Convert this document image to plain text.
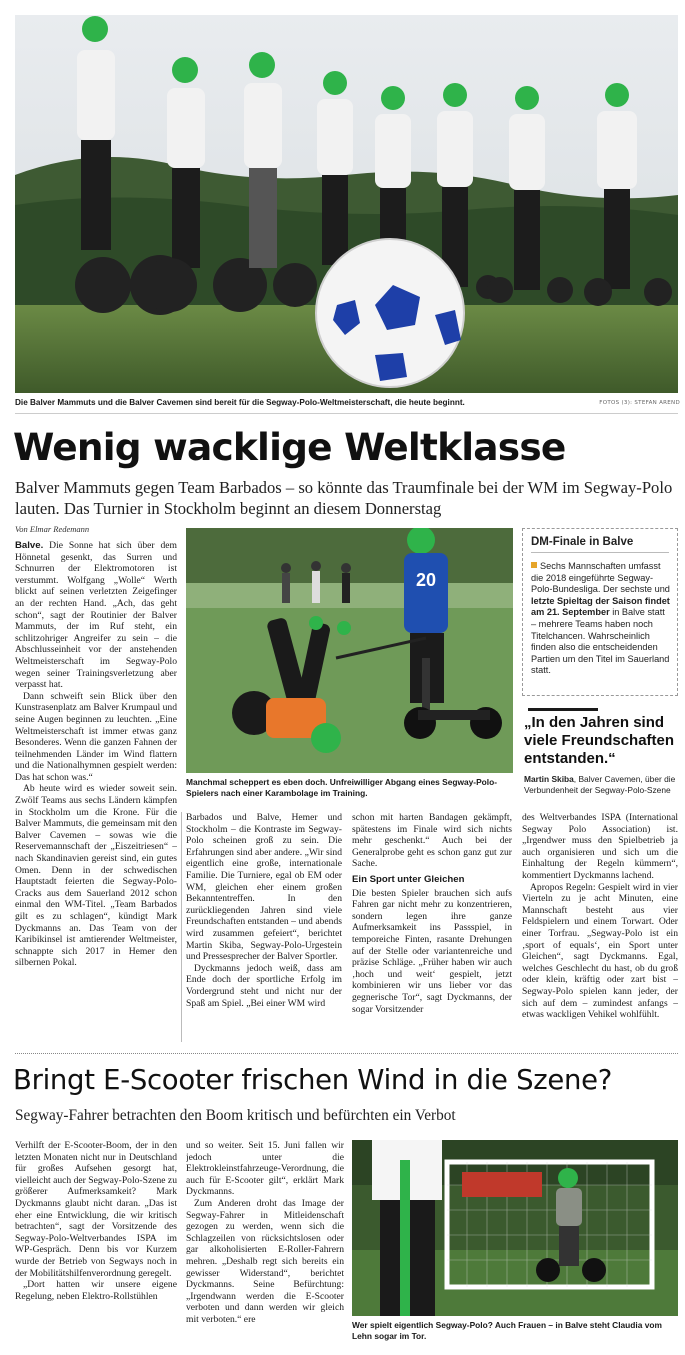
Die Balver Mammuts und die Balver Cavemen sind bereit für die Segway-Polo-Weltmeisterschaft, die heute beginnt.	FOTOS (3): STEFAN AREND
Wenig wacklige Weltklasse
Balver Mammuts gegen Team Barbados – so könnte das Traumfinale bei der WM im Segway-Polo lauten. Das Turnier in Stockholm beginnt an diesem Donnerstag
Von Elmar Redemann
20
Manchmal scheppert es eben doch. Unfreiwilliger Abgang eines Segway-Polo-Spielers nach einer Karambolage im Training.
DM-Finale in Balve
Sechs Mannschaften umfasst die 2018 eingeführte Segway-Polo-Bundesliga. Der sechste und letzte Spieltag der Saison findet am 21. September in Balve statt – mehrere Teams haben noch Titelchancen. Wahrscheinlich finden also die entscheidenden Partien um den Titel im Sauerland statt.
„In den Jahren sind viele Freundschaften entstanden.“
Martin Skiba, Balver Cavemen, über die Verbundenheit der Segway-Polo-Szene

Balve. Die Sonne hat sich über dem Hönnetal gesenkt, das Surren und Schnurren der Elektromotoren ist verstummt. Wolfgang „Wolle“ Werth blickt auf seinen verletzten Zeigefinger an der rechten Hand. „Ach, das geht schon“, sagt der Routinier der Balver Mammuts, der im Ruf steht, ein schlitzohriger Angreifer zu sein – die Abschlusseinheit vor der anstehenden Weltmeisterschaft im Segway-Polo wegen seiner Trainingsverletzung aber verpasst hat.

Dann schweift sein Blick über den Kunstrasenplatz am Balver Krumpaul und seine Augen beginnen zu leuchten. „Eine Weltmeisterschaft ist immer etwas ganz Besonderes. Wenn die ganzen Fahnen der teilnehmenden Länder im Wind flattern und die Nationalhymnen gespielt werden: Das hat schon was.“

Ab heute wird es wieder soweit sein. Zwölf Teams aus sechs Ländern kämpfen in Stockholm um die Krone. Für die Balver Mammuts, die gemeinsam mit den Balver Cavemen – sowas wie die Reservemannschaft der „Eiszeitriesen“ – nach Skandinavien gereist sind, ein gutes Omen. Denn in der schwedischen Hauptstadt feierten die Segway-Polo-Cracks aus dem Sauerland 2012 schon einmal den WM-Titel. „Team Barbados gilt es zu schlagen“, kündigt Mark Dyckmanns an. Das Team von der Karibikinsel ist amtierender Weltmeister, schnappte sich 2017 in Hemer den silbernen Pokal.

Barbados und Balve, Hemer und Stockholm – die Kontraste im Segway-Polo scheinen groß zu sein. Die Erfahrungen sind aber andere. „Wir sind eigentlich eine große, internationale Familie. Die Turniere, egal ob EM oder WM, gleichen eher einem großen Bekanntentreffen. In den zurückliegenden Jahren sind viele Freundschaften entstanden – und abends wird zusammen gefeiert“, berichtet Martin Skiba, Segway-Polo-Urgestein und Pressesprecher der Balver Sportler.

Dyckmanns jedoch weiß, dass am Ende doch der sportliche Erfolg im Vordergrund steht und nicht nur der Spaß am Spiel. „Bei einer WM wird

schon mit harten Bandagen gekämpft, spätestens im Finale wird sich nichts mehr geschenkt.“ Auch bei der Generalprobe geht es schon ganz gut zur Sache.

Ein Sport unter Gleichen

Die besten Spieler brauchen sich aufs Fahren gar nicht mehr zu konzentrieren, sondern legen ihre ganze Aufmerksamkeit ins Passspiel, in temporeiche Finten, rasante Drehungen auf der Stelle oder variantenreiche und präzise Schläge. „Früher haben wir auch ‚hoch und weit‘ gespielt, jetzt kombinieren wir uns lieber vor das gegnerische Tor“, sagt Dyckmanns, der sogar Vorsitzender

des Weltverbandes ISPA (International Segway Polo Association) ist. „Irgendwer muss den Spielbetrieb ja auch organisieren und sich um die Einhaltung der Regeln kümmern“, kommentiert Dyckmanns lachend.

Apropos Regeln: Gespielt wird in vier Vierteln zu je acht Minuten, eine Mannschaft besteht aus vier Feldspielern und einem Torwart. Oder einer Torfrau. „Segway-Polo ist ein ‚sport of equals‘, ein Sport unter Gleichen“, sagt Dyckmanns. Egal, welches Geschlecht du hast, ob du groß oder klein, kräftig oder zart bist – Segway-Polo spielen kann jeder, der sich auf dem – zumindest anfangs – etwas wackligen Vehikel wohlfühlt.

Bringt E-Scooter frischen Wind in die Szene?
Segway-Fahrer betrachten den Boom kritisch und befürchten ein Verbot

Verhilft der E-Scooter-Boom, der in den letzten Monaten nicht nur in Deutschland für großes Aufsehen gesorgt hat, vielleicht auch der Segway-Polo-Szene zu größerer Aufmerksamkeit? Mark Dyckmanns glaubt nicht daran. „Das ist eher eine Entwicklung, die wir kritisch betrachten“, sagt der Vorsitzende des Segway-Polo-Weltverbandes ISPA im WP-Gespräch. Denn bis vor Kurzem wurde der Betrieb von Segways noch in der Mobilitätshilfenverordnung geregelt.

„Dort hatten wir unsere eigene Regelung, neben Elektro-Rollstühlen

und so weiter. Seit 15. Juni fallen wir jedoch unter die Elektrokleinstfahrzeuge-Verordnung, die auch für E-Scooter gilt“, erklärt Mark Dyckmanns.

Zum Anderen droht das Image der Segway-Fahrer in Mitleidenschaft gezogen zu werden, wenn sich die Schlagzeilen von rücksichtslosen oder gar alkoholisierten E-Roller-Fahrern mehren. „Deshalb regt sich bereits ein gewisser Widerstand“, berichtet Dyckmanns. Seine Befürchtung: „Irgendwann werden die E-Scooter verboten und dann werden wir gleich mit verboten.“ ere

Wer spielt eigentlich Segway-Polo? Auch Frauen – in Balve steht Claudia vom Lehn sogar im Tor.
